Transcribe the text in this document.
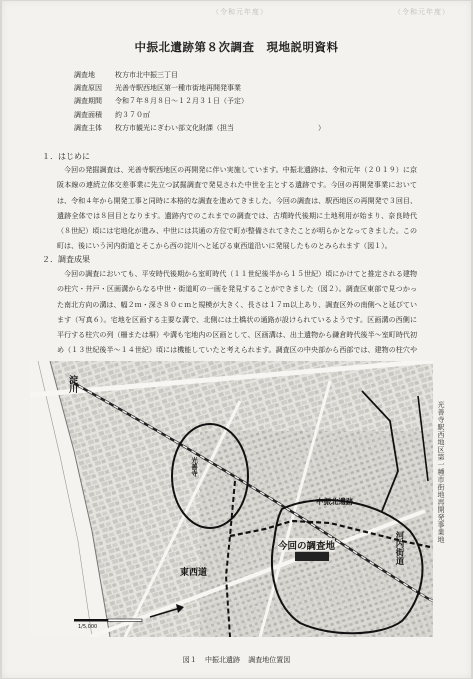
（令和元年度）	（令和元年度）
中振北遺跡第８次調査　現地説明資料
調査地	枚方市北中振三丁目
調査原因 光善寺駅西地区第一種市街地再開発事業
調査期間 令和７年８月８日～１２月３１日（予定）
調査面積 約３７０㎡
調査主体 枚方市観光にぎわい部文化財課（担当　　　　　　　　　　　　）
１．はじめに

今回の発掘調査は、光善寺駅西地区の再開発に伴い実施しています。中振北遺跡は、令和元年（２０１９）に京阪本線の連続立体交差事業に先立つ試掘調査で発見された中世を主とする遺跡です。今回の再開発事業においては、令和４年から開発工事と同時に本格的な調査を進めてきました。今回の調査は、駅西地区の再開発で３回目、遺跡全体では８回目となります。遺跡内でのこれまでの調査では、古墳時代後期に土地利用が始まり、奈良時代（８世紀）頃には宅地化が進み、中世には共通の方位で町が整備されてきたことが明らかとなってきました。この町は、後にいう河内街道とそこから西の淀川へと延びる東西道沿いに発展したものとみられます（図１）。

２．調査成果

今回の調査においても、平安時代後期から室町時代（１１世紀後半から１５世紀）頃にかけてと推定される建物の柱穴・井戸・区画溝からなる中世・街道町の一画を発見することができました（図２）。調査区東部で見つかった南北方向の溝は、幅２ｍ・深さ８０ｃｍと規模が大きく、長さは１７ｍ以上あり、調査区外の南側へと延びています（写真６）。宅地を区画する主要な溝で、北側には土橋状の通路が設けられているようです。区画溝の西側に平行する柱穴の列（柵または塀）や溝も宅地内の区画として、区画溝は、出土遺物から鎌倉時代後半～室町時代初め（１３世紀後半～１４世紀）頃には機能していたと考えられます。調査区の中央部から西部では、建物の柱穴や

淀川
中振北遺跡
今回の調査地	河内街道
東西道
光善寺
1/5,000
光善寺駅西地区第一種市街地再開発事業地
図１ 中振北遺跡 調査地位置図
